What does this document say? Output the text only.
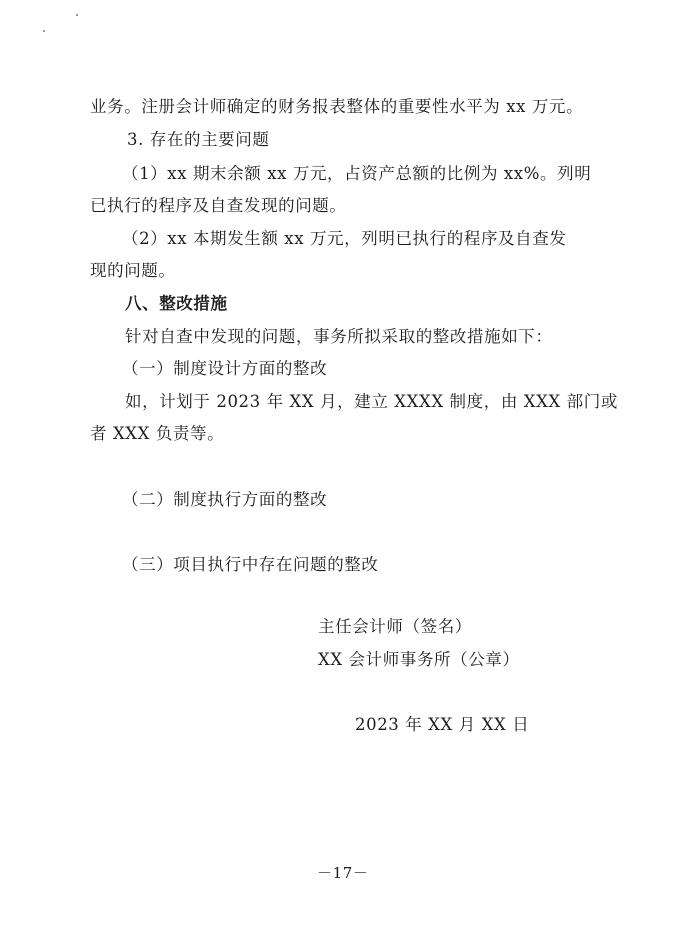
业务。注册会计师确定的财务报表整体的重要性水平为 xx 万元。
3. 存在的主要问题
（1）xx 期末余额 xx 万元，占资产总额的比例为 xx%。列明
已执行的程序及自查发现的问题。
（2）xx 本期发生额 xx 万元，列明已执行的程序及自查发
现的问题。
八、整改措施
针对自查中发现的问题，事务所拟采取的整改措施如下：
（一）制度设计方面的整改
如，计划于 2023 年 XX 月，建立 XXXX 制度，由 XXX 部门或
者 XXX 负责等。
（二）制度执行方面的整改
（三）项目执行中存在问题的整改
主任会计师（签名）
XX 会计师事务所（公章）
2023 年 XX 月 XX 日
－17－
